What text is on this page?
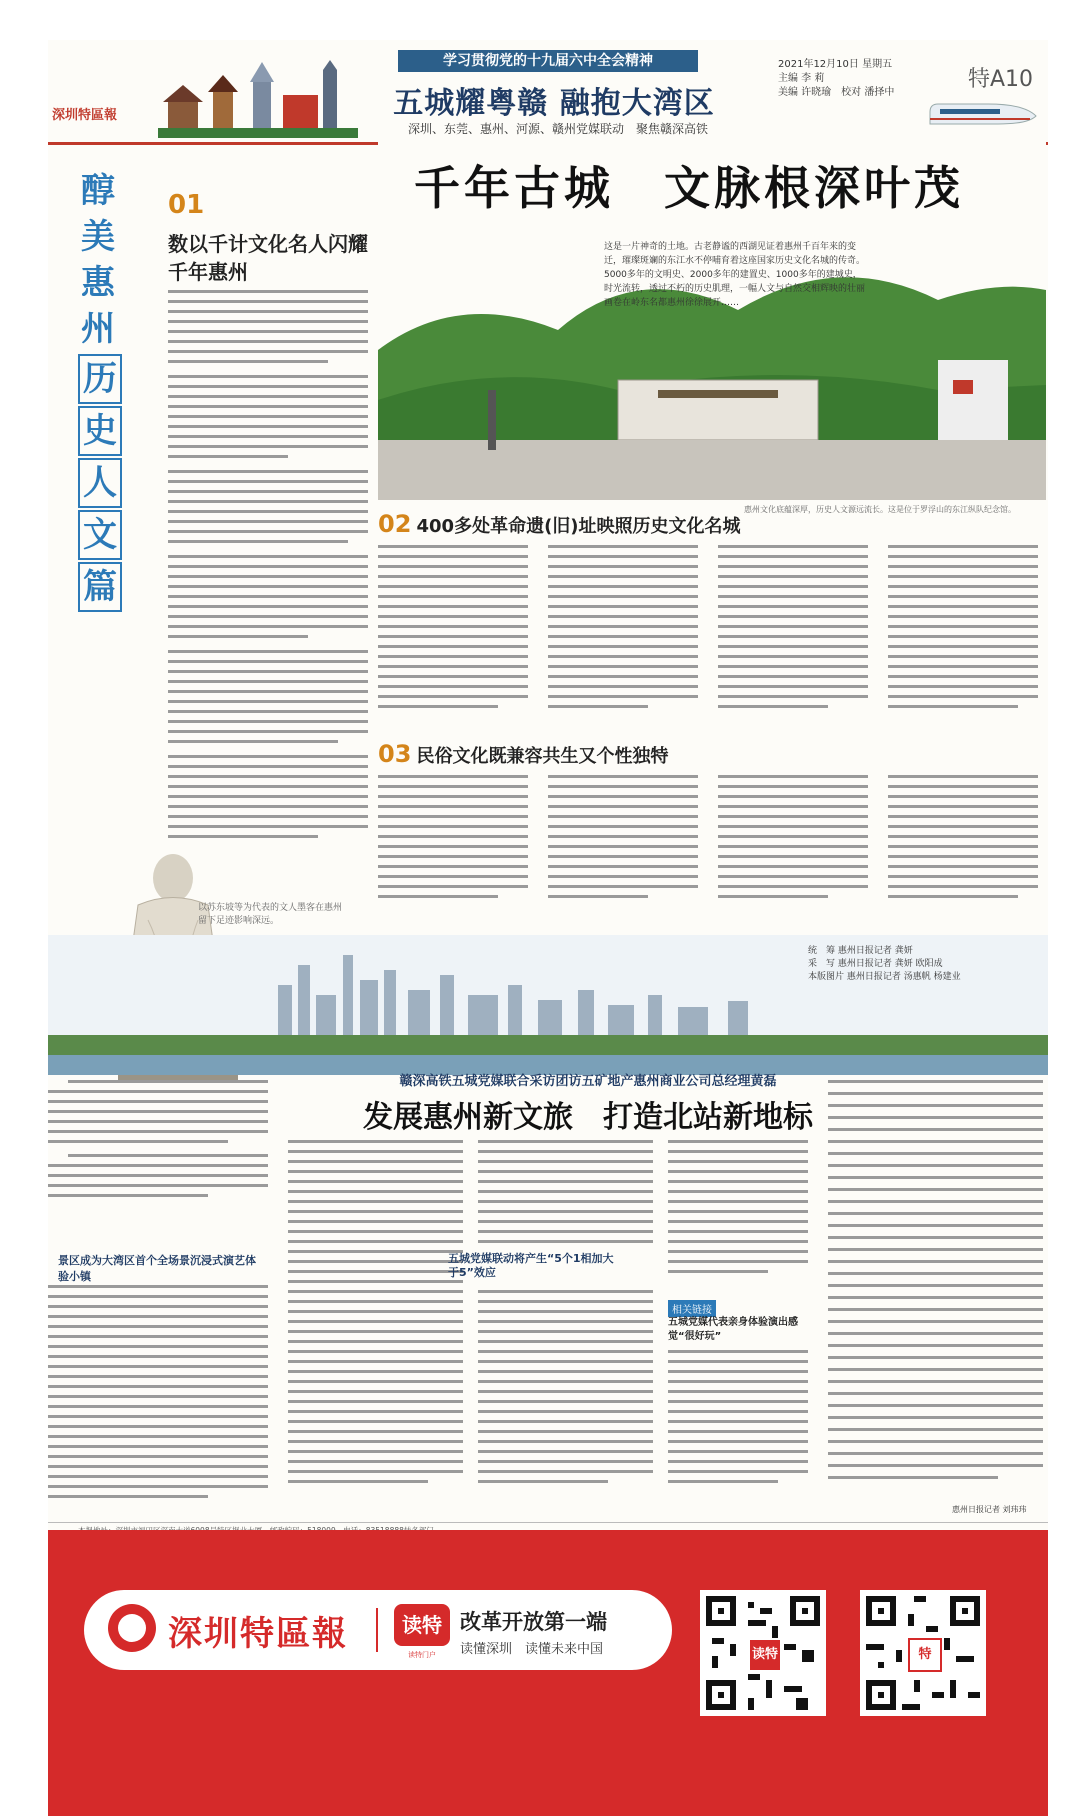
深圳特區報
学习贯彻党的十九届六中全会精神
五城耀粤赣 融抱大湾区
深圳、东莞、惠州、河源、赣州党媒联动　聚焦赣深高铁
2021年12月10日 星期五
主编 李 莉
美编 许晓瑜　校对 潘择中
特A10
醇
美
惠
州
历 史 人 文 篇
01
数以千计文化名人闪耀千年惠州
以苏东坡等为代表的文人墨客在惠州留下足迹影响深远。
千年古城　文脉根深叶茂
这是一片神奇的土地。古老静谧的西湖见证着惠州千百年来的变迁，璀璨斑斓的东江水不停哺育着这座国家历史文化名城的传奇。5000多年的文明史、2000多年的建置史、1000多年的建城史，时光流转，透过不朽的历史肌理，一幅人文与自然交相辉映的壮丽画卷在岭东名都惠州徐徐展开……
惠州文化底蕴深厚，历史人文源远流长。这是位于罗浮山的东江纵队纪念馆。
02 400多处革命遗(旧)址映照历史文化名城
03 民俗文化既兼容共生又个性独特
统　筹 惠州日报记者 龚妍
采　写 惠州日报记者 龚妍 欧阳成
本版图片 惠州日报记者 汤惠帆 杨建业
赣深高铁五城党媒联合采访团访五矿地产惠州商业公司总经理黄磊
发展惠州新文旅　打造北站新地标
景区成为大湾区首个全场景沉浸式演艺体验小镇
五城党媒联动将产生“5个1相加大于5”效应
相关链接
五城党媒代表亲身体验演出感觉“很好玩”
惠州日报记者 刘玮玮
深圳特區報	读特
读特门户
改革开放第一端
读懂深圳　读懂未来中国	读特	特
